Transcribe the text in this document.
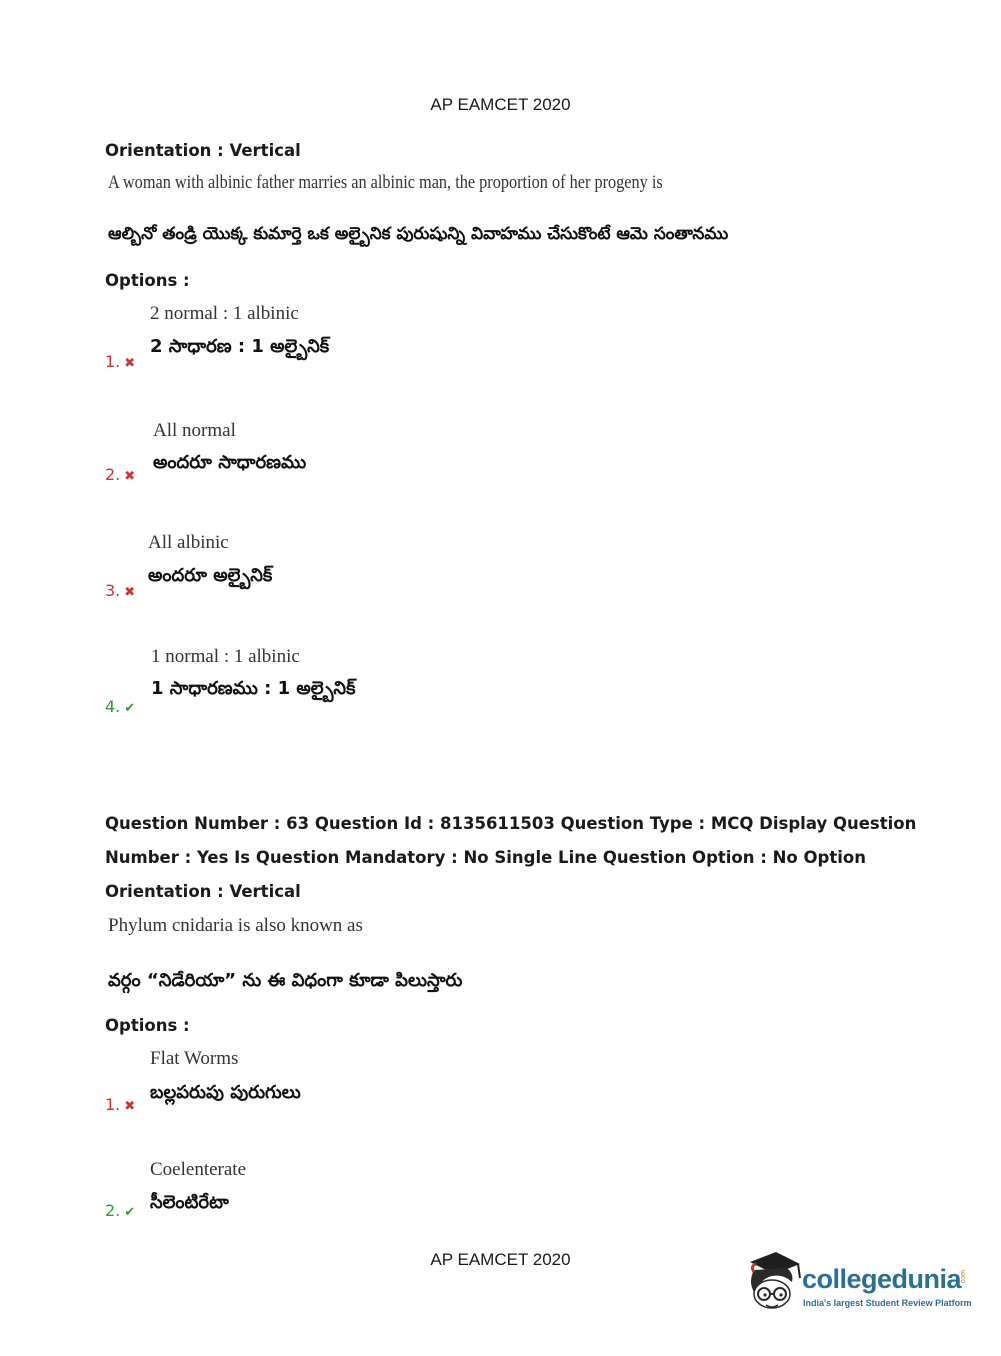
AP EAMCET 2020
Orientation : Vertical
A woman with albinic father marries an albinic man, the proportion of her progeny is
ఆల్బినో తండ్రి యొక్క కుమార్తె ఒక అల్బైనిక పురుషున్ని వివాహము చేసుకొంటే ఆమె సంతానము
Options :
2 normal : 1 albinic
2 సాధారణ : 1 అల్బైనిక్
1. ✖
All normal
అందరూ సాధారణము
2. ✖
All albinic
అందరూ అల్బైనిక్
3. ✖
1 normal : 1 albinic
1 సాధారణము : 1 అల్బైనిక్
4. ✔
Question Number : 63 Question Id : 8135611503 Question Type : MCQ Display Question
Number : Yes Is Question Mandatory : No Single Line Question Option : No Option
Orientation : Vertical
Phylum cnidaria is also known as
వర్గం “నిడేరియా” ను ఈ విధంగా కూడా పిలుస్తారు
Options :
Flat Worms
బల్లపరుపు పురుగులు
1. ✖
Coelenterate
సీలెంటిరేటా
2. ✔
AP EAMCET 2020
collegedunia
.com
India's largest Student Review Platform
